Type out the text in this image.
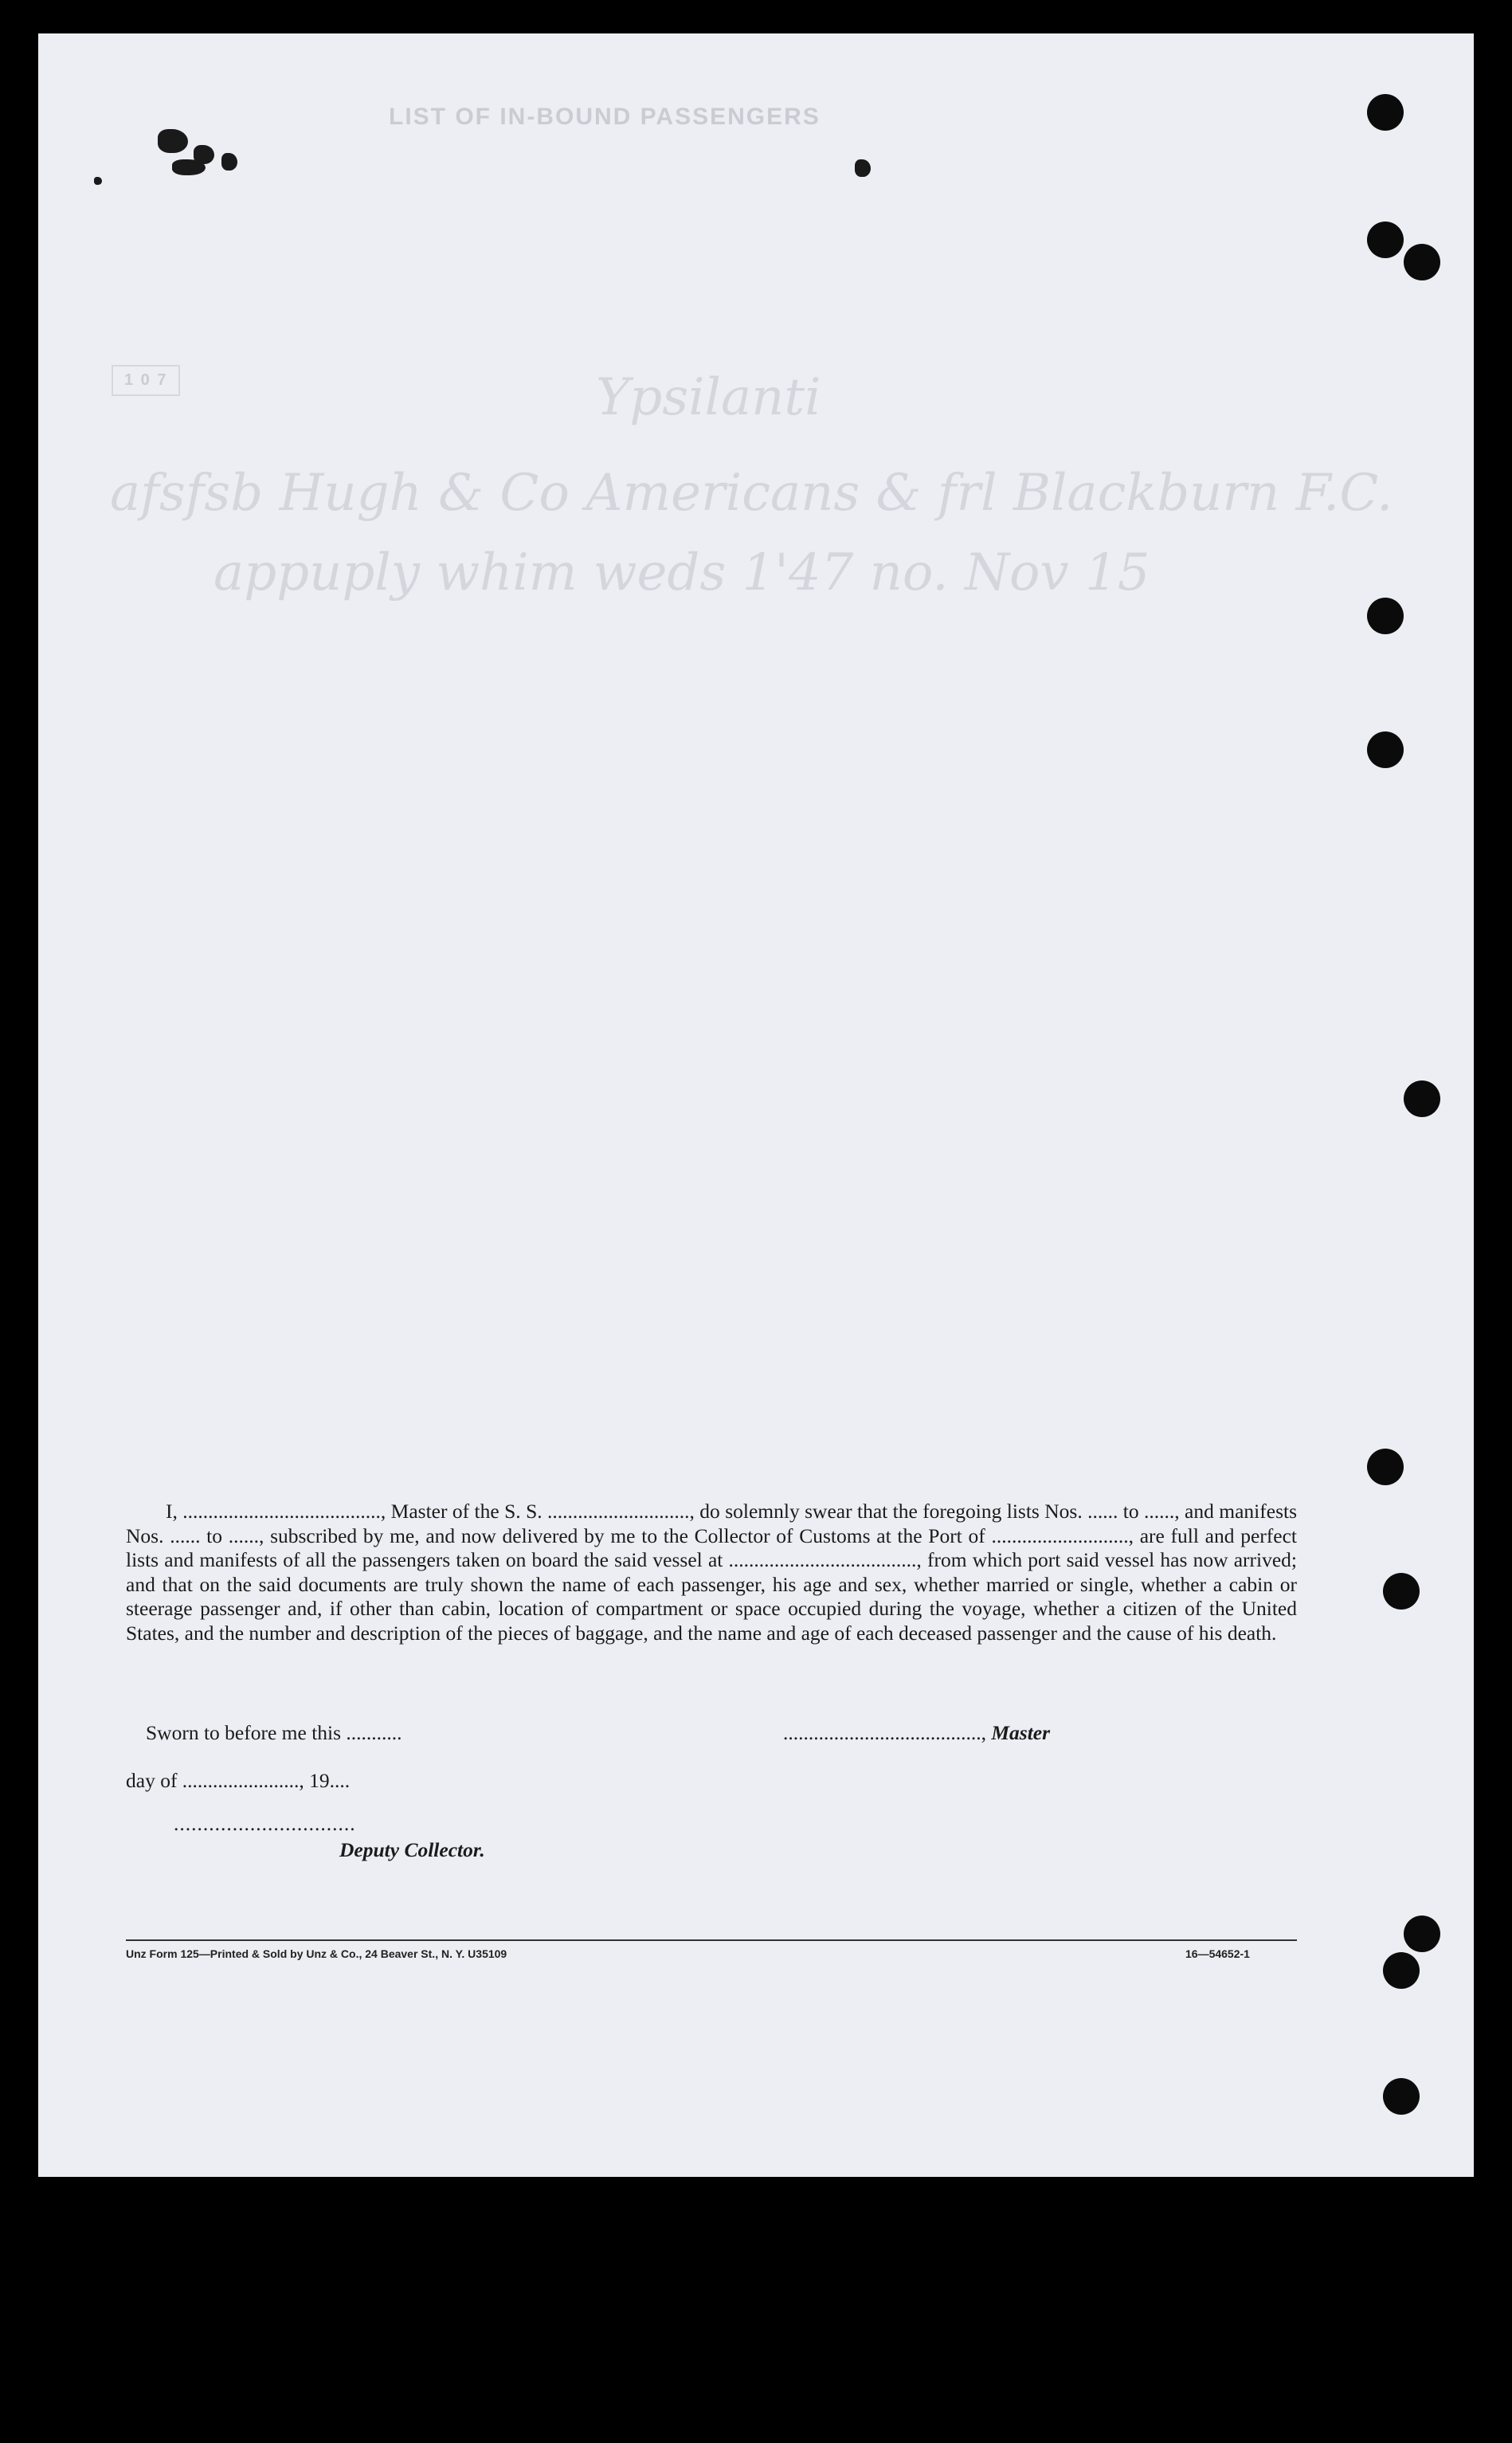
LIST OF IN-BOUND PASSENGERS
1 0 7	Ypsilanti
afsfsb Hugh & Co Americans & frl Blackburn F.C.
appuply whim weds 1'47 no. Nov 15

I, ......................................., Master of the S. S. ............................, do solemnly swear that the foregoing lists Nos. ...... to ......, and manifests Nos. ...... to ......, subscribed by me, and now delivered by me to the Collector of Customs at the Port of ..........................., are full and perfect lists and manifests of all the passengers taken on board the said vessel at ....................................., from which port said vessel has now arrived; and that on the said documents are truly shown the name of each passenger, his age and sex, whether married or single, whether a cabin or steerage passenger and, if other than cabin, location of compartment or space occupied during the voyage, whether a citizen of the United States, and the number and description of the pieces of baggage, and the name and age of each deceased passenger and the cause of his death.

Sworn to before me this ...........	......................................., Master
day of ......................., 19....
...............................
Deputy Collector.
Unz Form 125—Printed & Sold by Unz & Co., 24 Beaver St., N. Y. U35109	16—54652-1
